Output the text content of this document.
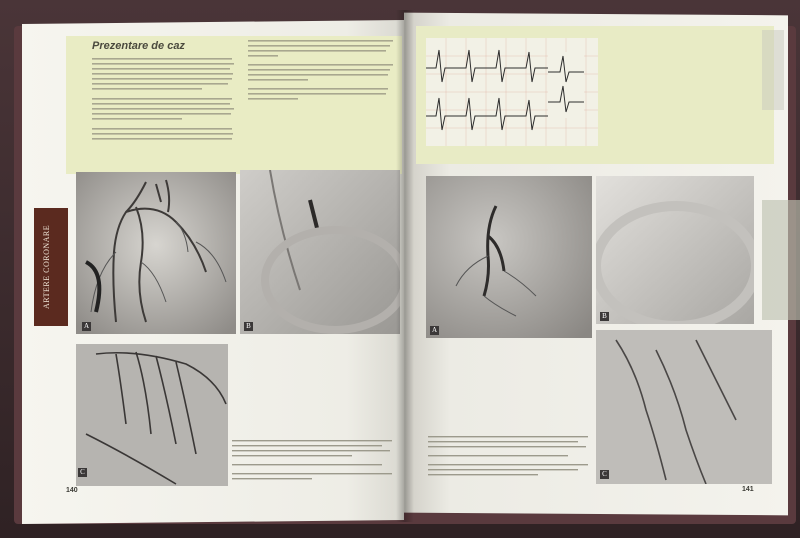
Prezentare de caz
A	B
C
ARTERE CORONARE
140
A
B
C
141
